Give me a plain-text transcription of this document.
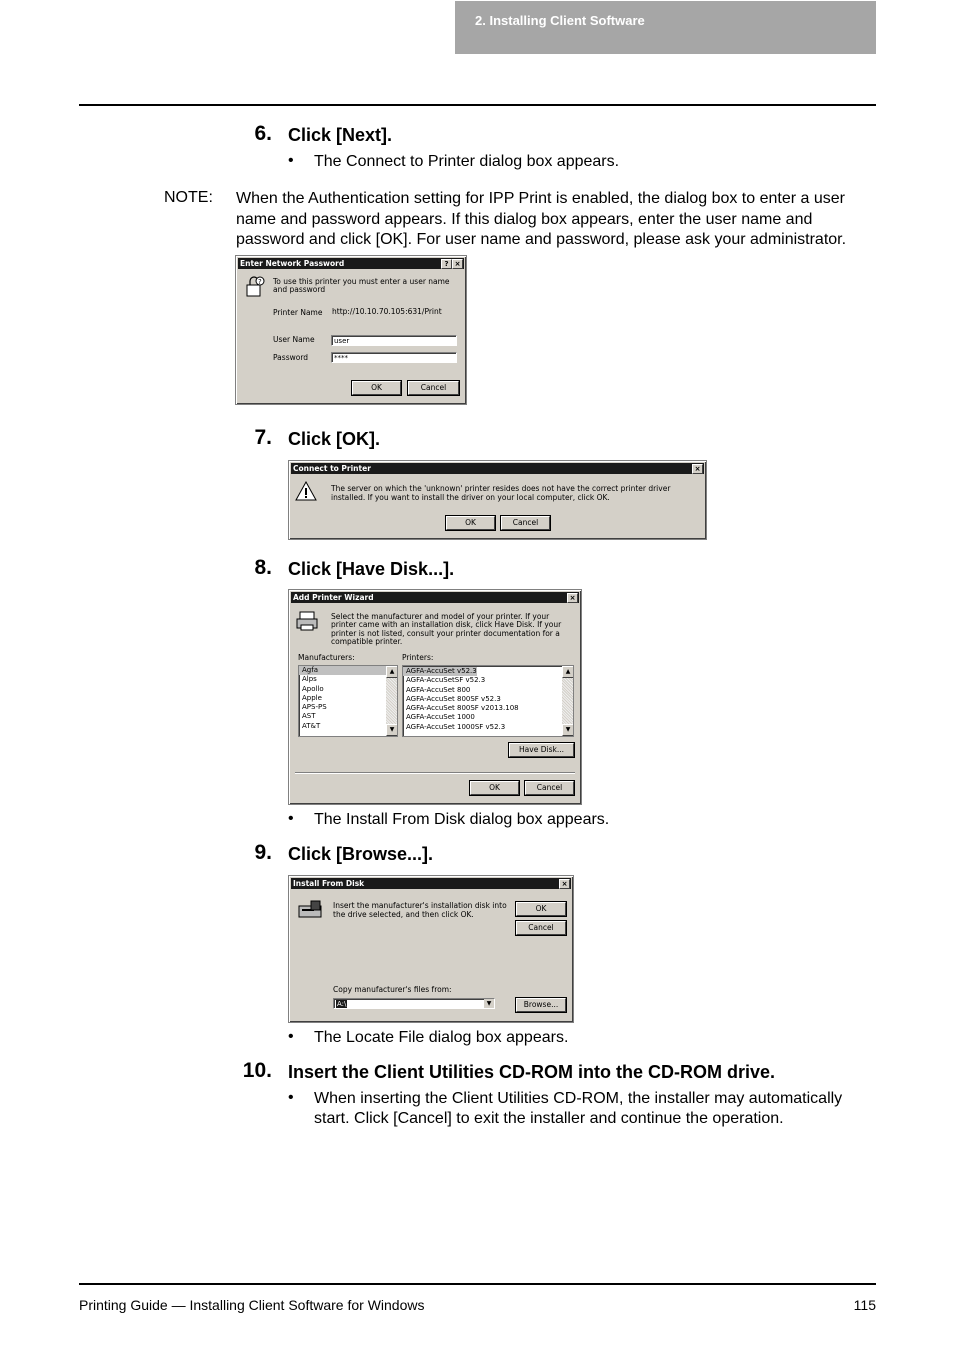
2. Installing Client Software
6. Click [Next].
• The Connect to Printer dialog box appears.
NOTE: When the Authentication setting for IPP Print is enabled, the dialog box to enter a user name and password appears. If this dialog box appears, enter the user name and password and click [OK]. For user name and password, please ask your administrator.
Enter Network Password	? ×
? To use this printer you must enter a user name and password
Printer Name http://10.10.70.105:631/Print
User Name	user
Password	****
OK	Cancel
7. Click [OK].
Connect to Printer	×
The server on which the 'unknown' printer resides does not have the correct printer driver installed. If you want to install the driver on your local computer, click OK.
OK	Cancel
8. Click [Have Disk...].
Add Printer Wizard	×
Select the manufacturer and model of your printer. If your printer came with an installation disk, click Have Disk. If your printer is not listed, consult your printer documentation for a compatible printer.
Manufacturers:	Printers:
Agfa
Alps
Apollo
Apple
APS-PS
AST
AT&T
▲
▼
AGFA-AccuSet v52.3
AGFA-AccuSetSF v52.3
AGFA-AccuSet 800
AGFA-AccuSet 800SF v52.3
AGFA-AccuSet 800SF v2013.108
AGFA-AccuSet 1000
AGFA-AccuSet 1000SF v52.3
▲
▼
Have Disk...
OK	Cancel
• The Install From Disk dialog box appears.
9. Click [Browse...].
Install From Disk	×
Insert the manufacturer's installation disk into the drive selected, and then click OK.
OK
Cancel
Copy manufacturer's files from:
A:\	▼	Browse...
• The Locate File dialog box appears.
10. Insert the Client Utilities CD-ROM into the CD-ROM drive.
• When inserting the Client Utilities CD-ROM, the installer may automatically start. Click [Cancel] to exit the installer and continue the operation.
Printing Guide — Installing Client Software for Windows	115
